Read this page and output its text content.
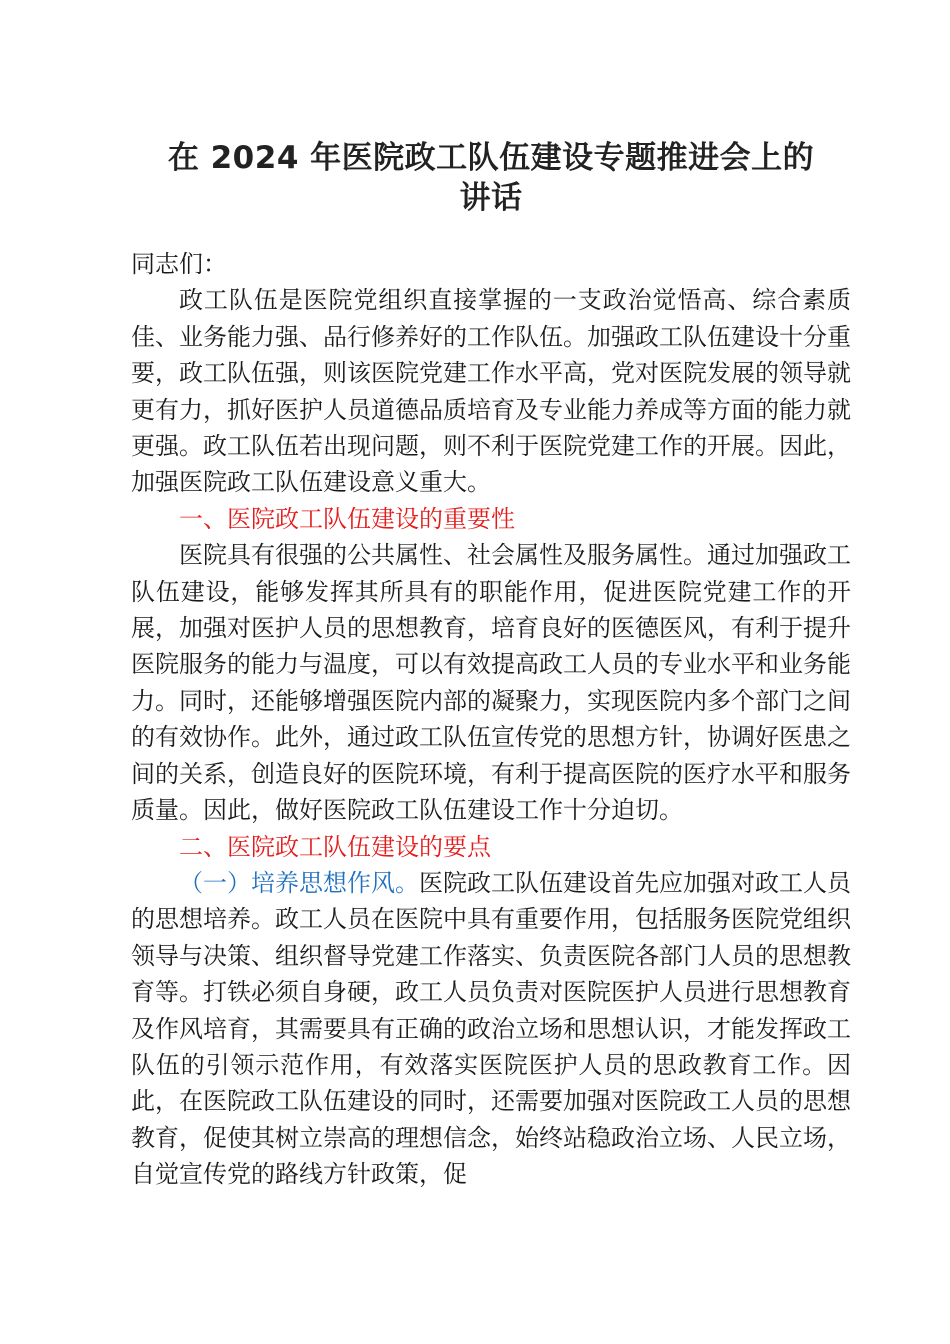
在 2024 年医院政工队伍建设专题推进会上的
讲话

同志们：

政工队伍是医院党组织直接掌握的一支政治觉悟高、综合素质佳、业务能力强、品行修养好的工作队伍。加强政工队伍建设十分重要，政工队伍强，则该医院党建工作水平高，党对医院发展的领导就更有力，抓好医护人员道德品质培育及专业能力养成等方面的能力就更强。政工队伍若出现问题，则不利于医院党建工作的开展。因此，加强医院政工队伍建设意义重大。

一、医院政工队伍建设的重要性

医院具有很强的公共属性、社会属性及服务属性。通过加强政工队伍建设，能够发挥其所具有的职能作用，促进医院党建工作的开展，加强对医护人员的思想教育，培育良好的医德医风，有利于提升医院服务的能力与温度，可以有效提高政工人员的专业水平和业务能力。同时，还能够增强医院内部的凝聚力，实现医院内多个部门之间的有效协作。此外，通过政工队伍宣传党的思想方针，协调好医患之间的关系，创造良好的医院环境，有利于提高医院的医疗水平和服务质量。因此，做好医院政工队伍建设工作十分迫切。

二、医院政工队伍建设的要点

（一）培养思想作风。医院政工队伍建设首先应加强对政工人员的思想培养。政工人员在医院中具有重要作用，包括服务医院党组织领导与决策、组织督导党建工作落实、负责医院各部门人员的思想教育等。打铁必须自身硬，政工人员负责对医院医护人员进行思想教育及作风培育，其需要具有正确的政治立场和思想认识，才能发挥政工队伍的引领示范作用，有效落实医院医护人员的思政教育工作。因此，在医院政工队伍建设的同时，还需要加强对医院政工人员的思想教育，促使其树立崇高的理想信念，始终站稳政治立场、人民立场，自觉宣传党的路线方针政策，促
